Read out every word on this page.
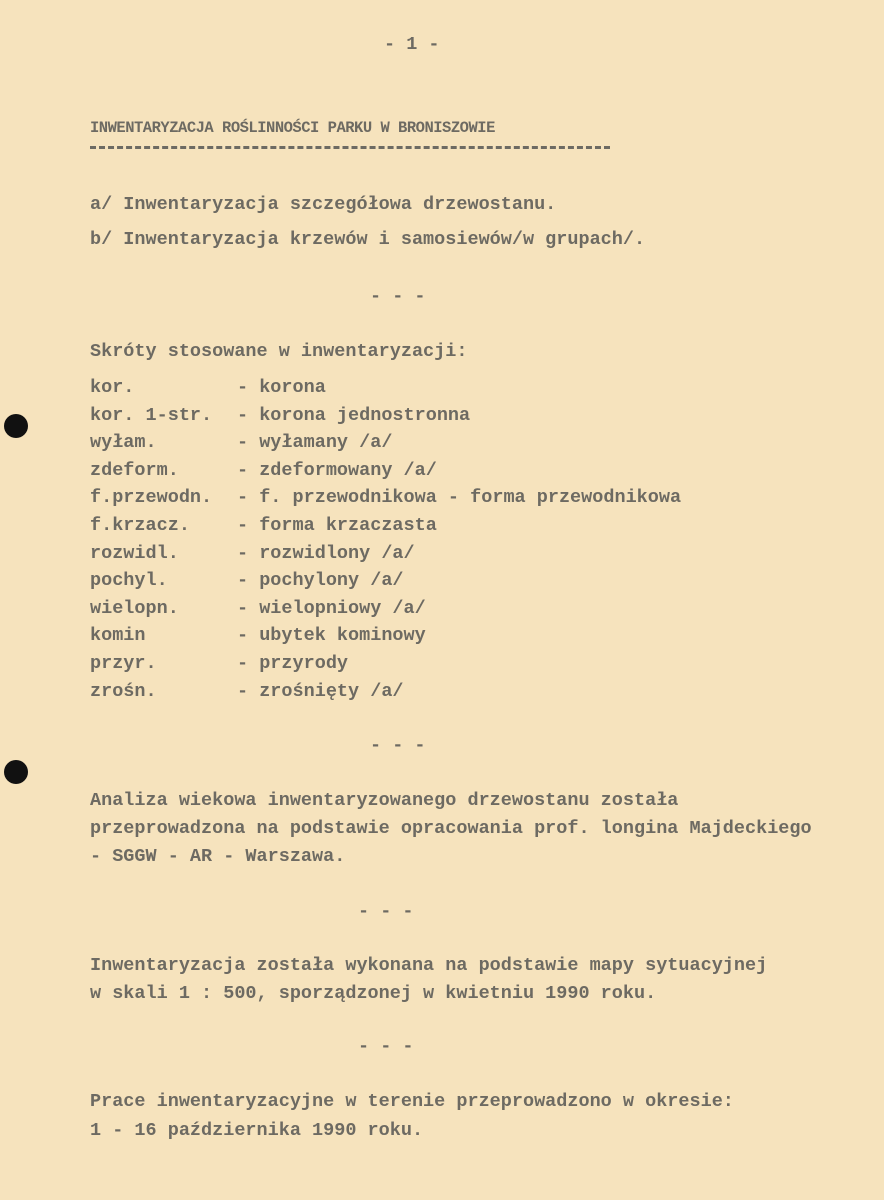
- 1 -
INWENTARYZACJA ROŚLINNOŚCI PARKU W BRONISZOWIE
a/ Inwentaryzacja szczegółowa drzewostanu.
b/ Inwentaryzacja krzewów i samosiewów/w grupach/.
- - -
Skróty stosowane w inwentaryzacji:
kor.	- korona
kor. 1-str. - korona jednostronna
wyłam.	- wyłamany /a/
zdeform.	- zdeformowany /a/
f.przewodn. - f. przewodnikowa - forma przewodnikowa
f.krzacz.	- forma krzaczasta
rozwidl.	- rozwidlony /a/
pochyl.	- pochylony /a/
wielopn.	- wielopniowy /a/
komin	- ubytek kominowy
przyr.	- przyrody
zrośn.	- zrośnięty /a/
- - -
Analiza wiekowa inwentaryzowanego drzewostanu została
przeprowadzona na podstawie opracowania prof. longina Majdeckiego
- SGGW - AR - Warszawa.
- - -
Inwentaryzacja została wykonana na podstawie mapy sytuacyjnej
w skali 1 : 500, sporządzonej w kwietniu 1990 roku.
- - -
Prace inwentaryzacyjne w terenie przeprowadzono w okresie:
1 - 16 października 1990 roku.
